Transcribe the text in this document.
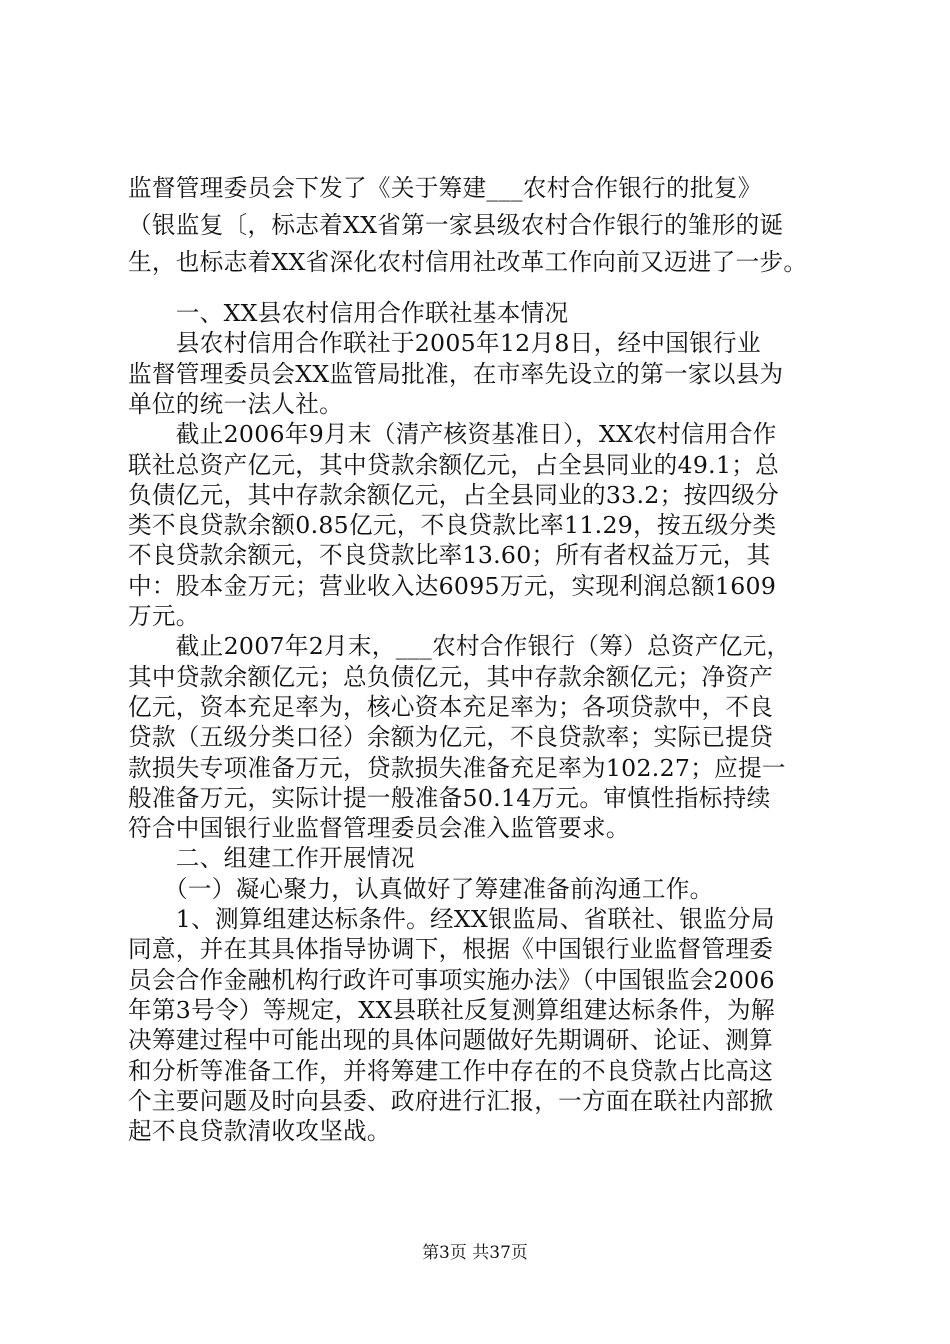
监督管理委员会下发了《关于筹建___农村合作银行的批复》
（银监复〔，标志着XX省第一家县级农村合作银行的雏形的诞
生，也标志着XX省深化农村信用社改革工作向前又迈进了一步。
　　一、XX县农村信用合作联社基本情况
　　县农村信用合作联社于2005年12月8日，经中国银行业
监督管理委员会XX监管局批准，在市率先设立的第一家以县为
单位的统一法人社。
　　截止2006年9月末（清产核资基准日），XX农村信用合作
联社总资产亿元，其中贷款余额亿元，占全县同业的49.1；总
负债亿元，其中存款余额亿元，占全县同业的33.2；按四级分
类不良贷款余额0.85亿元，不良贷款比率11.29，按五级分类
不良贷款余额元，不良贷款比率13.60；所有者权益万元，其
中：股本金万元；营业收入达6095万元，实现利润总额1609
万元。
　　截止2007年2月末，___农村合作银行（筹）总资产亿元，
其中贷款余额亿元；总负债亿元，其中存款余额亿元；净资产
亿元，资本充足率为，核心资本充足率为；各项贷款中，不良
贷款（五级分类口径）余额为亿元，不良贷款率；实际已提贷
款损失专项准备万元，贷款损失准备充足率为102.27；应提一
般准备万元，实际计提一般准备50.14万元。审慎性指标持续
符合中国银行业监督管理委员会准入监管要求。
　　二、组建工作开展情况
　　（一）凝心聚力，认真做好了筹建准备前沟通工作。
　　1、测算组建达标条件。经XX银监局、省联社、银监分局
同意，并在其具体指导协调下，根据《中国银行业监督管理委
员会合作金融机构行政许可事项实施办法》（中国银监会2006
年第3号令）等规定，XX县联社反复测算组建达标条件，为解
决筹建过程中可能出现的具体问题做好先期调研、论证、测算
和分析等准备工作，并将筹建工作中存在的不良贷款占比高这
个主要问题及时向县委、政府进行汇报，一方面在联社内部掀
起不良贷款清收攻坚战。
第3页 共37页
